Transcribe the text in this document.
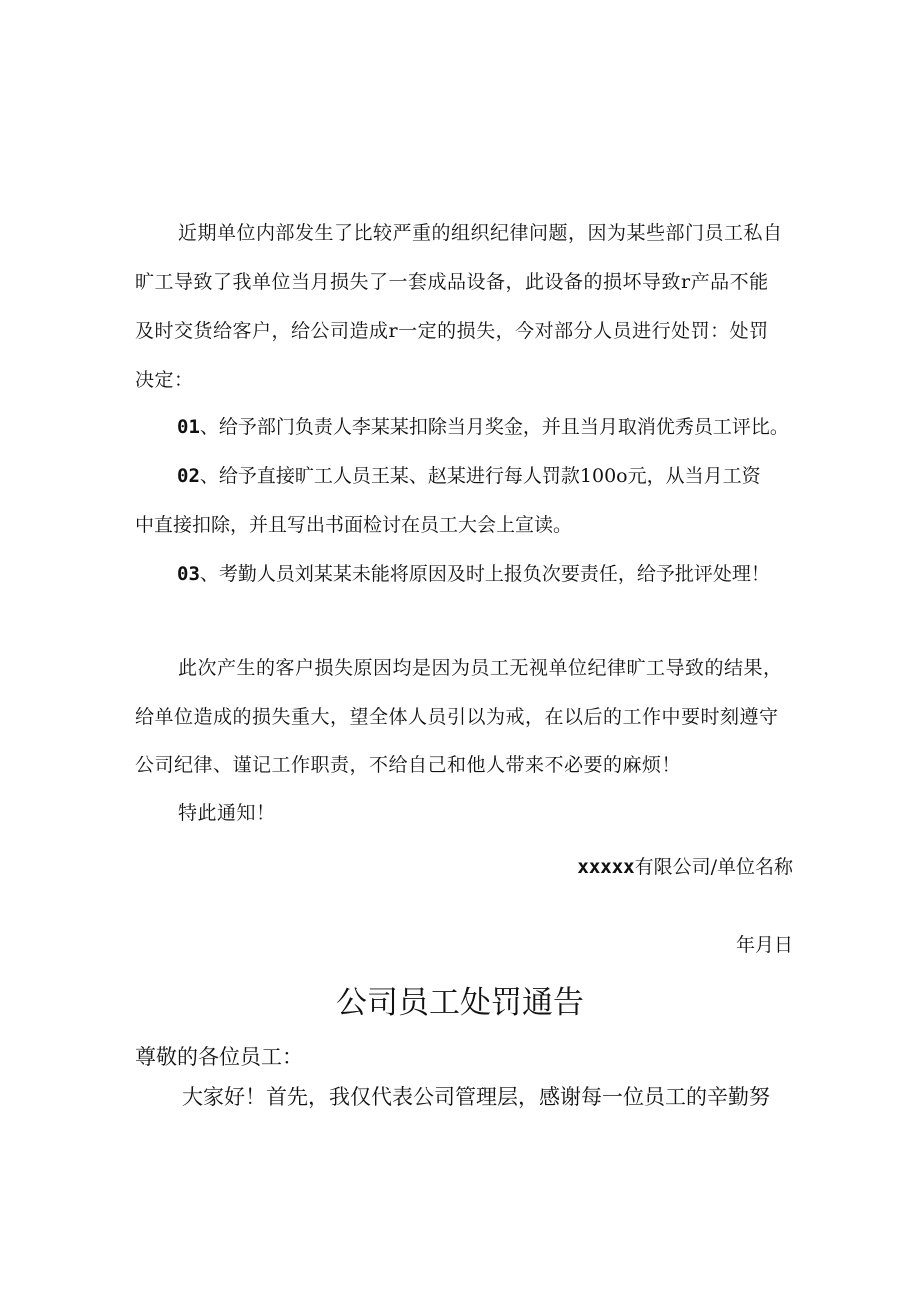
近期单位内部发生了比较严重的组织纪律问题，因为某些部门员工私自
旷工导致了我单位当月损失了一套成品设备，此设备的损坏导致r产品不能
及时交货给客户，给公司造成r一定的损失，今对部分人员进行处罚：处罚
决定：
01、给予部门负责人李某某扣除当月奖金，并且当月取消优秀员工评比。
02、给予直接旷工人员王某、赵某进行每人罚款100o元，从当月工资
中直接扣除，并且写出书面检讨在员工大会上宣读。
03、考勤人员刘某某未能将原因及时上报负次要责任，给予批评处理！
此次产生的客户损失原因均是因为员工无视单位纪律旷工导致的结果，
给单位造成的损失重大，望全体人员引以为戒，在以后的工作中要时刻遵守
公司纪律、谨记工作职责，不给自己和他人带来不必要的麻烦！
特此通知！
xxxxx有限公司/单位名称
年月日
公司员工处罚通告
尊敬的各位员工：
大家好！首先，我仅代表公司管理层，感谢每一位员工的辛勤努
